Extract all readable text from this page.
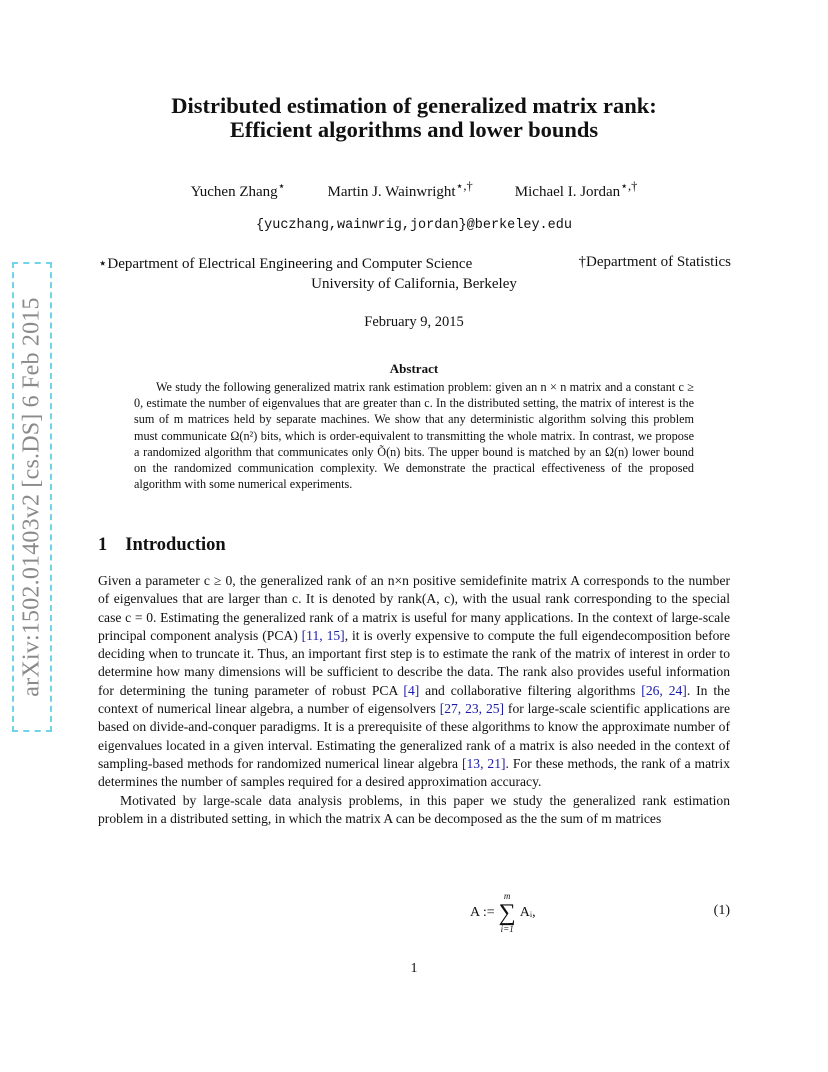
arXiv:1502.01403v2 [cs.DS] 6 Feb 2015
Distributed estimation of generalized matrix rank:
Efficient algorithms and lower bounds
Yuchen Zhang⋆	Martin J. Wainwright⋆,†	Michael I. Jordan⋆,†
{yuczhang,wainwrig,jordan}@berkeley.edu
⋆Department of Electrical Engineering and Computer Science	†Department of Statistics
University of California, Berkeley
February 9, 2015
Abstract

We study the following generalized matrix rank estimation problem: given an n × n matrix and a constant c ≥ 0, estimate the number of eigenvalues that are greater than c. In the distributed setting, the matrix of interest is the sum of m matrices held by separate machines. We show that any deterministic algorithm solving this problem must communicate Ω(n²) bits, which is order-equivalent to transmitting the whole matrix. In contrast, we propose a randomized algorithm that communicates only Õ(n) bits. The upper bound is matched by an Ω(n) lower bound on the randomized communication complexity. We demonstrate the practical effectiveness of the proposed algorithm with some numerical experiments.

1 Introduction

Given a parameter c ≥ 0, the generalized rank of an n×n positive semidefinite matrix A corresponds to the number of eigenvalues that are larger than c. It is denoted by rank(A, c), with the usual rank corresponding to the special case c = 0. Estimating the generalized rank of a matrix is useful for many applications. In the context of large-scale principal component analysis (PCA) [11, 15], it is overly expensive to compute the full eigendecomposition before deciding when to truncate it. Thus, an important first step is to estimate the rank of the matrix of interest in order to determine how many dimensions will be sufficient to describe the data. The rank also provides useful information for determining the tuning parameter of robust PCA [4] and collaborative filtering algorithms [26, 24]. In the context of numerical linear algebra, a number of eigensolvers [27, 23, 25] for large-scale scientific applications are based on divide-and-conquer paradigms. It is a prerequisite of these algorithms to know the approximate number of eigenvalues located in a given interval. Estimating the generalized rank of a matrix is also needed in the context of sampling-based methods for randomized numerical linear algebra [13, 21]. For these methods, the rank of a matrix determines the number of samples required for a desired approximation accuracy.

Motivated by large-scale data analysis problems, in this paper we study the generalized rank estimation problem in a distributed setting, in which the matrix A can be decomposed as the the sum of m matrices

A :=
m
∑
i=1
Aᵢ,	(1)
1
